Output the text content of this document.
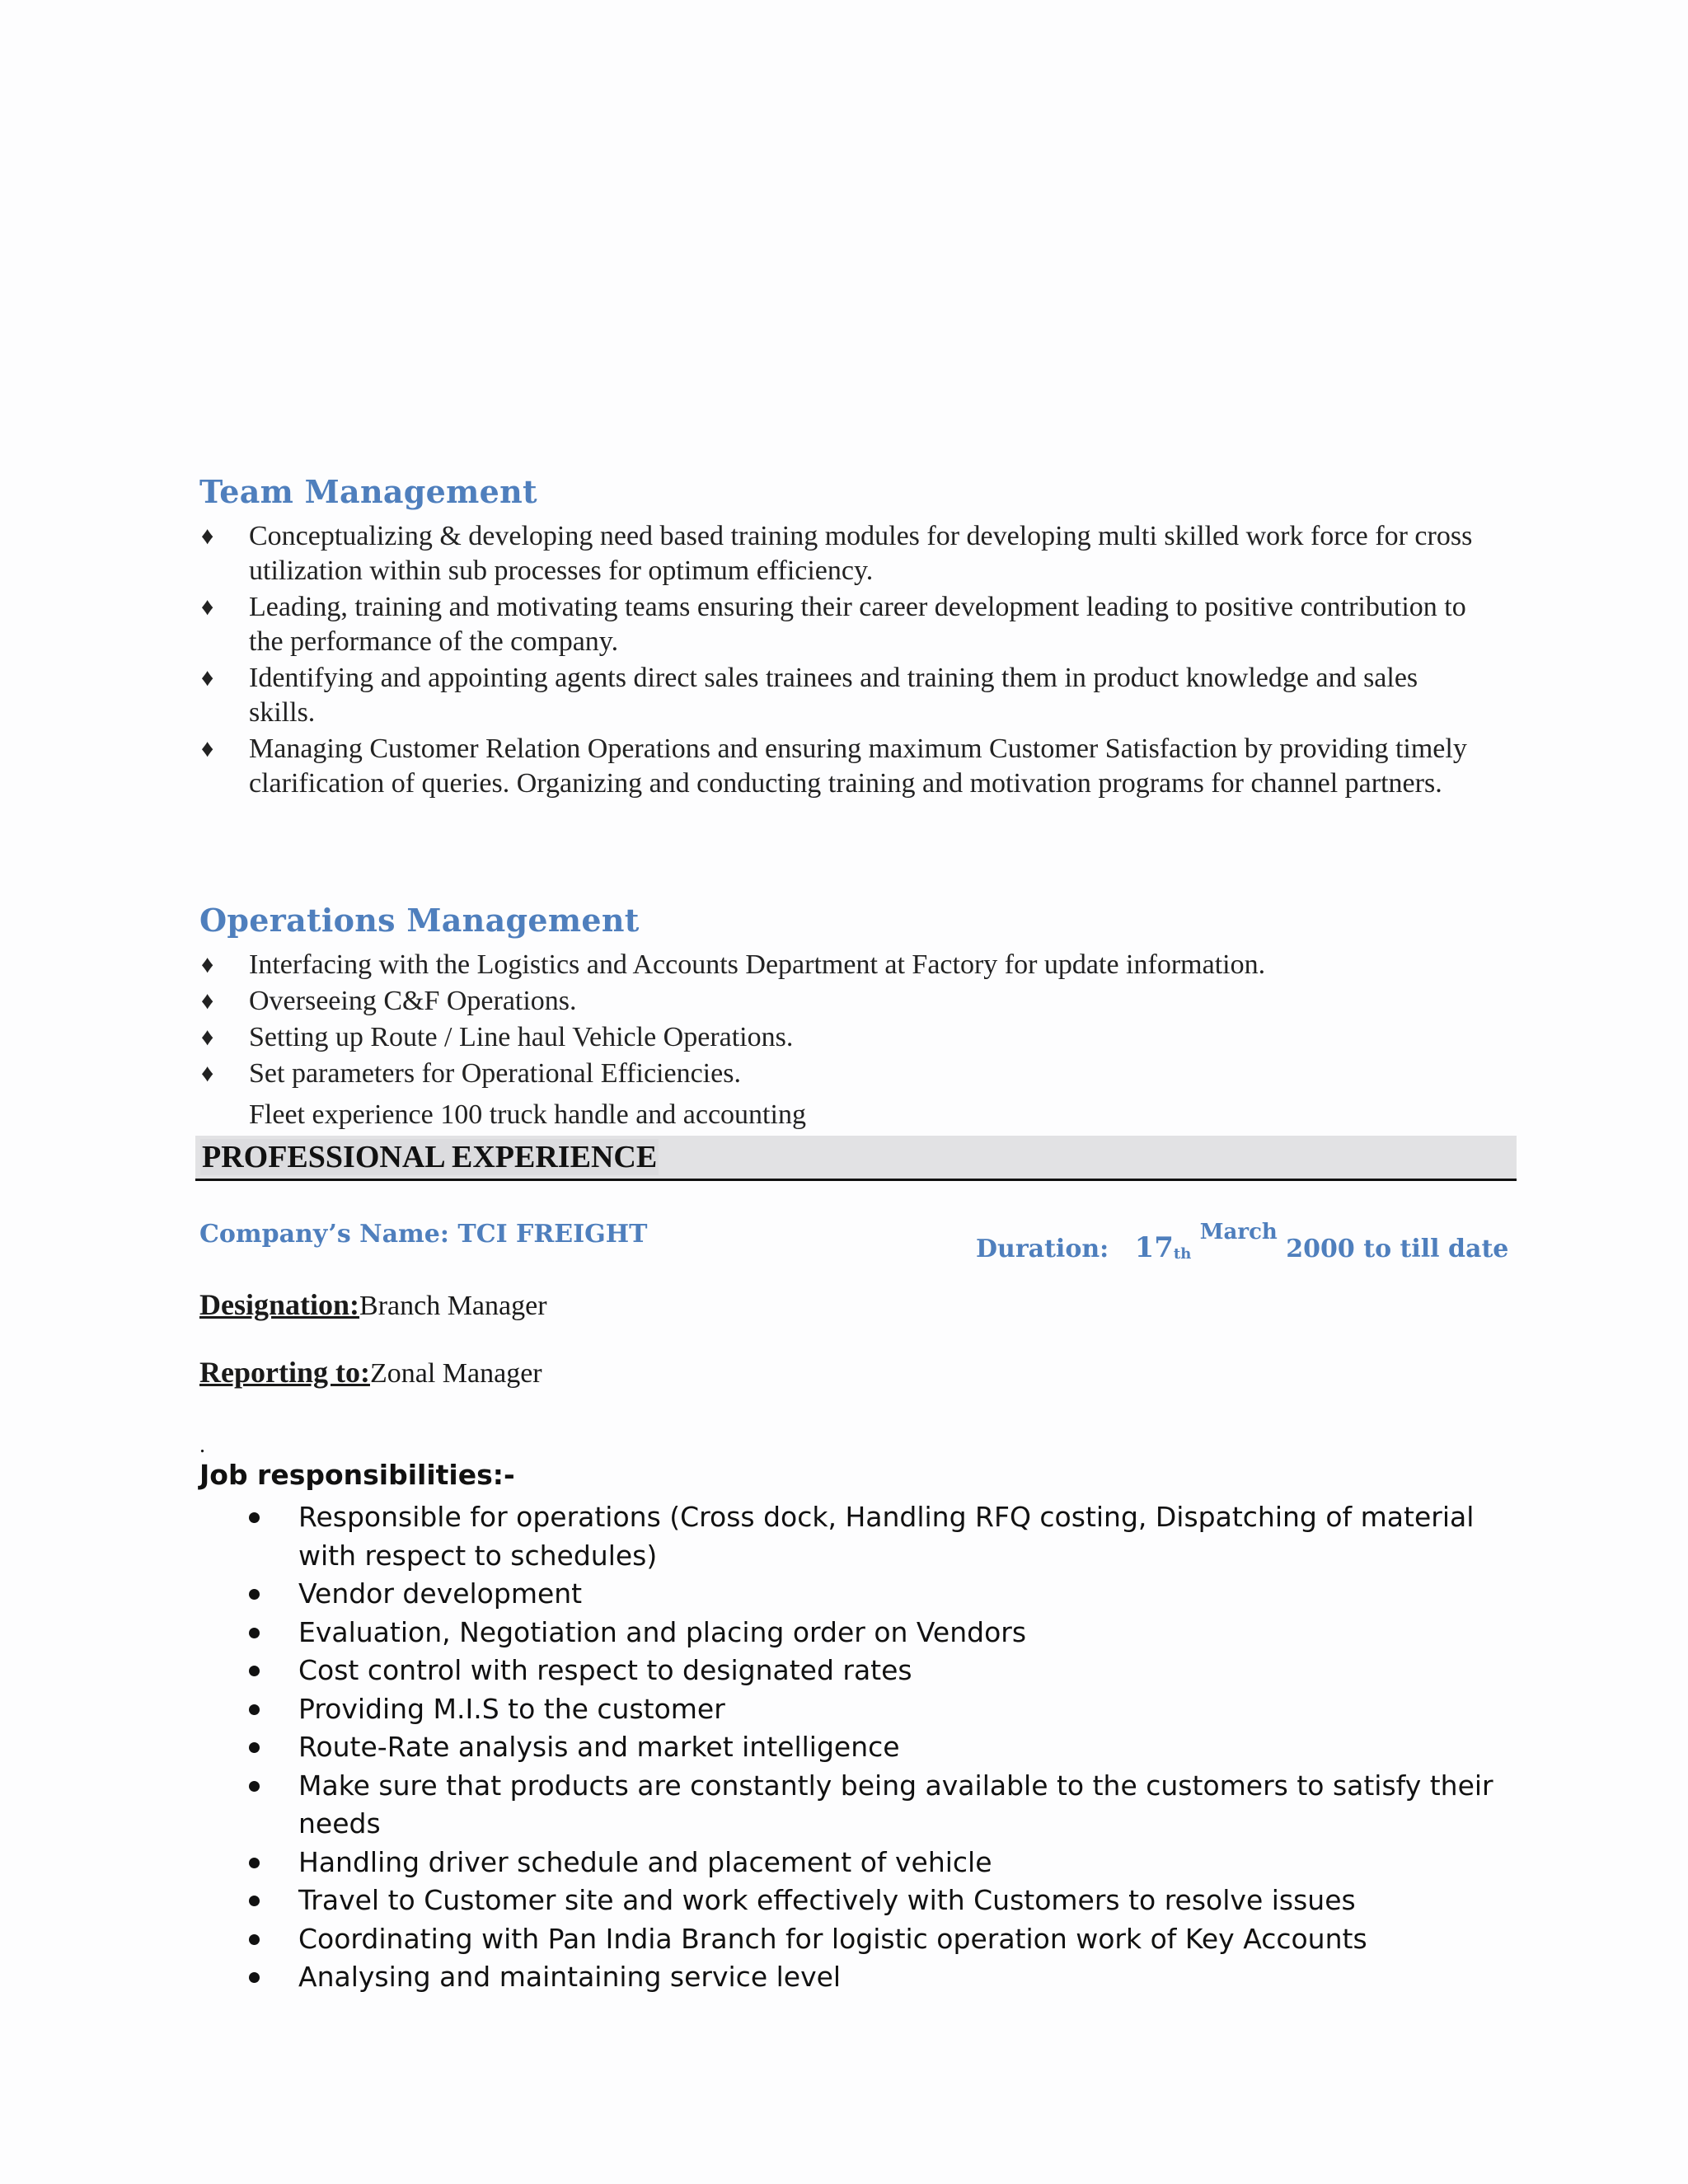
Team Management
♦ Conceptualizing & developing need based training modules for developing multi skilled work force for cross utilization within sub processes for optimum efficiency.
♦ Leading, training and motivating teams ensuring their career development leading to positive contribution to the performance of the company.
♦ Identifying and appointing agents direct sales trainees and training them in product knowledge and sales skills.
♦ Managing Customer Relation Operations and ensuring maximum Customer Satisfaction by providing timely clarification of queries. Organizing and conducting training and motivation programs for channel partners.
Operations Management
♦ Interfacing with the Logistics and Accounts Department at Factory for update information.
♦ Overseeing C&F Operations.
♦ Setting up Route / Line haul Vehicle Operations.
♦ Set parameters for Operational Efficiencies.

Fleet experience 100 truck handle and accounting

PROFESSIONAL EXPERIENCE
Company’s Name: TCI FREIGHT
Duration: $17_{th}$ $^{March}$ 2000 to till date

Designation:Branch Manager

Reporting to:Zonal Manager

.

Job responsibilities:-

Responsible for operations (Cross dock, Handling RFQ costing, Dispatching of material with respect to schedules)
Vendor development
Evaluation, Negotiation and placing order on Vendors
Cost control with respect to designated rates
Providing M.I.S to the customer
Route-Rate analysis and market intelligence
Make sure that products are constantly being available to the customers to satisfy their needs
Handling driver schedule and placement of vehicle
Travel to Customer site and work effectively with Customers to resolve issues
Coordinating with Pan India Branch for logistic operation work of Key Accounts
Analysing and maintaining service level
